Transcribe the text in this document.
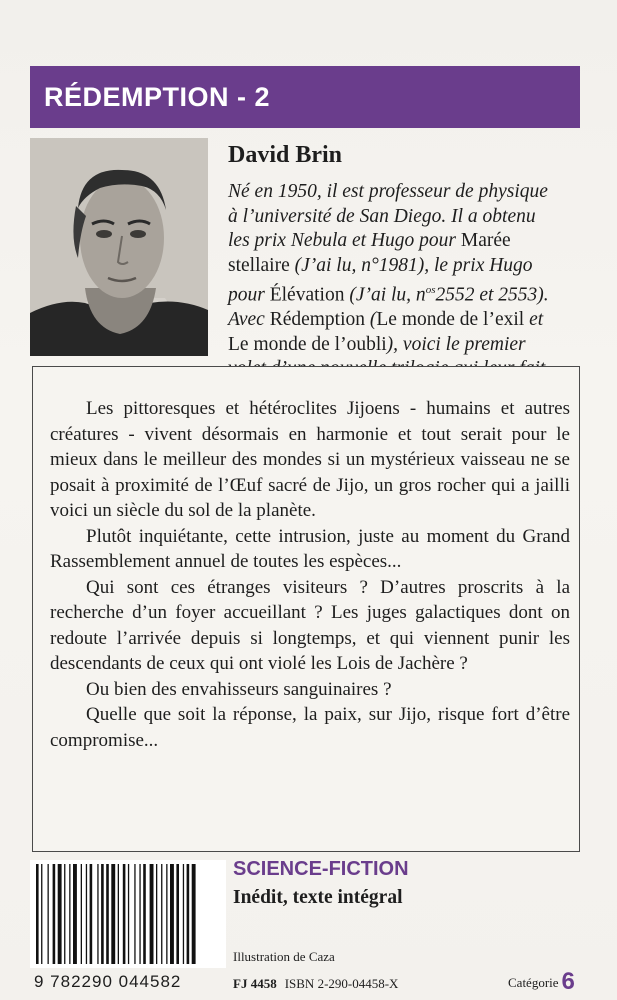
RÉDEMPTION - 2
David Brin
Né en 1950, il est professeur de physique à l’université de San Diego. Il a obtenu les prix Nebula et Hugo pour Marée stellaire (J’ai lu, n°1981), le prix Hugo pour Élévation (J’ai lu, $n^{os}2552$ et 2553). Avec Rédemption (Le monde de l’exil et Le monde de l’oubli), voici le premier

Les pittoresques et hétéroclites Jijoens - humains et autres créatures - vivent désormais en harmonie et tout serait pour le mieux dans le meilleur des mondes si un mystérieux vaisseau ne se posait à proximité de l’Œuf sacré de Jijo, un gros rocher qui a jailli voici un siècle du sol de la planète.

Plutôt inquiétante, cette intrusion, juste au moment du Grand Rassemblement annuel de toutes les espèces...

Qui sont ces étranges visiteurs ? D’autres proscrits à la recherche d’un foyer accueillant ? Les juges galactiques dont on redoute l’arrivée depuis si longtemps, et qui viennent punir les descendants de ceux qui ont violé les Lois de Jachère ?

Ou bien des envahisseurs sanguinaires ?

Quelle que soit la réponse, la paix, sur Jijo, risque fort d’être compromise...

9 782290 044582
SCIENCE-FICTION
Inédit, texte intégral
Illustration de Caza
FJ 4458 ISBN 2-290-04458-X	Catégorie 6
